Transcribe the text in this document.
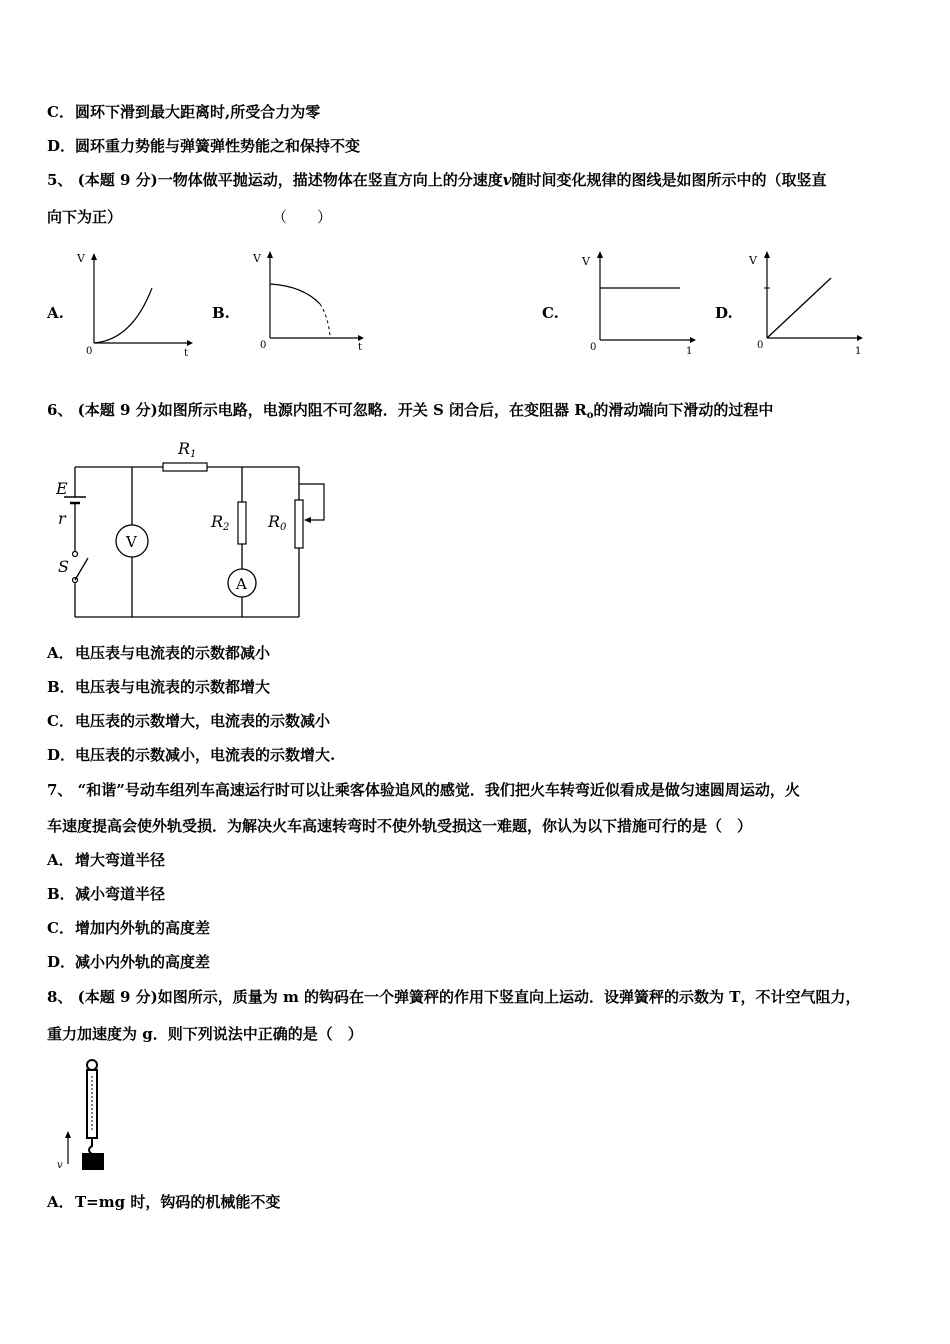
C．圆环下滑到最大距离时,所受合力为零
D．圆环重力势能与弹簧弹性势能之和保持不变
5、 (本题 9 分)一物体做平抛运动，描述物体在竖直方向上的分速度v随时间变化规律的图线是如图所示中的（取竖直
向下为正）	（　　）
A.
V
0	t
B.
V
0	t
C.
V
0	1
D.
V
0
1
6、 (本题 9 分)如图所示电路，电源内阻不可忽略．开关 S 闭合后，在变阻器 $R_o$的滑动端向下滑动的过程中
E
r
S
R1
V
A
R2 R0
A．电压表与电流表的示数都减小
B．电压表与电流表的示数都增大
C．电压表的示数增大，电流表的示数减小
D．电压表的示数减小，电流表的示数增大.
7、 “和谐”号动车组列车高速运行时可以让乘客体验追风的感觉．我们把火车转弯近似看成是做匀速圆周运动，火
车速度提高会使外轨受损．为解决火车高速转弯时不使外轨受损这一难题，你认为以下措施可行的是（　）
A．增大弯道半径
B．减小弯道半径
C．增加内外轨的高度差
D．减小内外轨的高度差
8、 (本题 9 分)如图所示，质量为 m 的钩码在一个弹簧秤的作用下竖直向上运动．设弹簧秤的示数为 T，不计空气阻力，
重力加速度为 g．则下列说法中正确的是（　）
v
A．T=mg 时，钩码的机械能不变
